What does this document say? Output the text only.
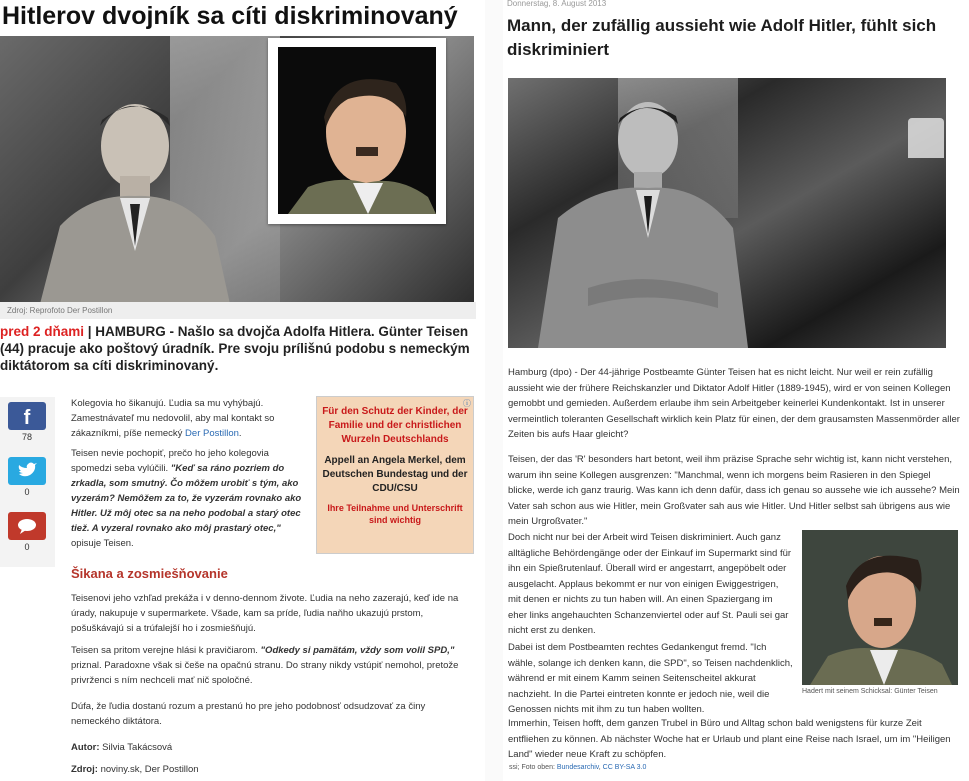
Hitlerov dvojník sa cíti diskriminovaný
Zdroj: Reprofoto Der Postillon
pred 2 dňami | HAMBURG - Našlo sa dvojča Adolfa Hitlera. Günter Teisen (44) pracuje ako poštový úradník. Pre svoju prílišnú podobu s nemeckým diktátorom sa cíti diskriminovaný.
f
78
0
0
Kolegovia ho šikanujú. Ľudia sa mu vyhýbajú. Zamestnávateľ mu nedovolil, aby mal kontakt so zákazníkmi, píše nemecký Der Postillon.
Teisen nevie pochopiť, prečo ho jeho kolegovia spomedzi seba vylúčili. "Keď sa ráno pozriem do zrkadla, som smutný. Čo môžem urobiť s tým, ako vyzerám? Nemôžem za to, že vyzerám rovnako ako Hitler. Už môj otec sa na neho podobal a starý otec tiež. A vyzeral rovnako ako môj prastarý otec," opisuje Teisen.
ⓘ
Für den Schutz der Kinder, der Familie und der christlichen Wurzeln Deutschlands
Appell an Angela Merkel, dem Deutschen Bundestag und der CDU/CSU
Ihre Teilnahme und Unterschrift sind wichtig
Šikana a zosmiešňovanie
Teisenovi jeho vzhľad prekáža i v denno-dennom živote. Ľudia na neho zazerajú, keď ide na úrady, nakupuje v supermarkete. Všade, kam sa príde, ľudia naňho ukazujú prstom, pošuškávajú si a trúfalejší ho i zosmiešňujú.
Teisen sa pritom verejne hlási k pravičiarom. "Odkedy si pamätám, vždy som volil SPD," priznal. Paradoxne však si češe na opačnú stranu. Do strany nikdy vstúpiť nemohol, pretože privrženci s ním nechceli mať nič spoločné.
Dúfa, že ľudia dostanú rozum a prestanú ho pre jeho podobnosť odsudzovať za činy nemeckého diktátora.
Autor: Silvia Takácsová
Zdroj: noviny.sk, Der Postillon
Donnerstag, 8. August 2013
Mann, der zufällig aussieht wie Adolf Hitler, fühlt sich diskriminiert
Hamburg (dpo) - Der 44-jährige Postbeamte Günter Teisen hat es nicht leicht. Nur weil er rein zufällig aussieht wie der frühere Reichskanzler und Diktator Adolf Hitler (1889-1945), wird er von seinen Kollegen gemobbt und gemieden. Außerdem erlaube ihm sein Arbeitgeber keinerlei Kundenkontakt. Ist in unserer vermeintlich toleranten Gesellschaft wirklich kein Platz für einen, der dem grausamsten Massenmörder aller Zeiten bis aufs Haar gleicht?
Teisen, der das 'R' besonders hart betont, weil ihm präzise Sprache sehr wichtig ist, kann nicht verstehen, warum ihn seine Kollegen ausgrenzen: "Manchmal, wenn ich morgens beim Rasieren in den Spiegel blicke, werde ich ganz traurig. Was kann ich denn dafür, dass ich genau so aussehe wie ich aussehe? Mein Vater sah schon aus wie Hitler, mein Großvater sah aus wie Hitler. Und Hitler selbst sah übrigens aus wie mein Urgroßvater."
Doch nicht nur bei der Arbeit wird Teisen diskriminiert. Auch ganz alltägliche Behördengänge oder der Einkauf im Supermarkt sind für ihn ein Spießrutenlauf. Überall wird er angestarrt, angepöbelt oder ausgelacht. Applaus bekommt er nur von einigen Ewiggestrigen, mit denen er nichts zu tun haben will. An einen Spaziergang im eher links angehauchten Schanzenviertel oder auf St. Pauli sei gar nicht erst zu denken.
Dabei ist dem Postbeamten rechtes Gedankengut fremd. "Ich wähle, solange ich denken kann, die SPD", so Teisen nachdenklich, während er mit einem Kamm seinen Seitenscheitel akkurat nachzieht. In die Partei eintreten konnte er jedoch nie, weil die Genossen nichts mit ihm zu tun haben wollten.
Immerhin, Teisen hofft, dem ganzen Trubel in Büro und Alltag schon bald wenigstens für kurze Zeit entfliehen zu können. Ab nächster Woche hat er Urlaub und plant eine Reise nach Israel, um im "Heiligen Land" wieder neue Kraft zu schöpfen.
Hadert mit seinem Schicksal: Günter Teisen
ssi; Foto oben: Bundesarchiv, CC BY-SA 3.0
